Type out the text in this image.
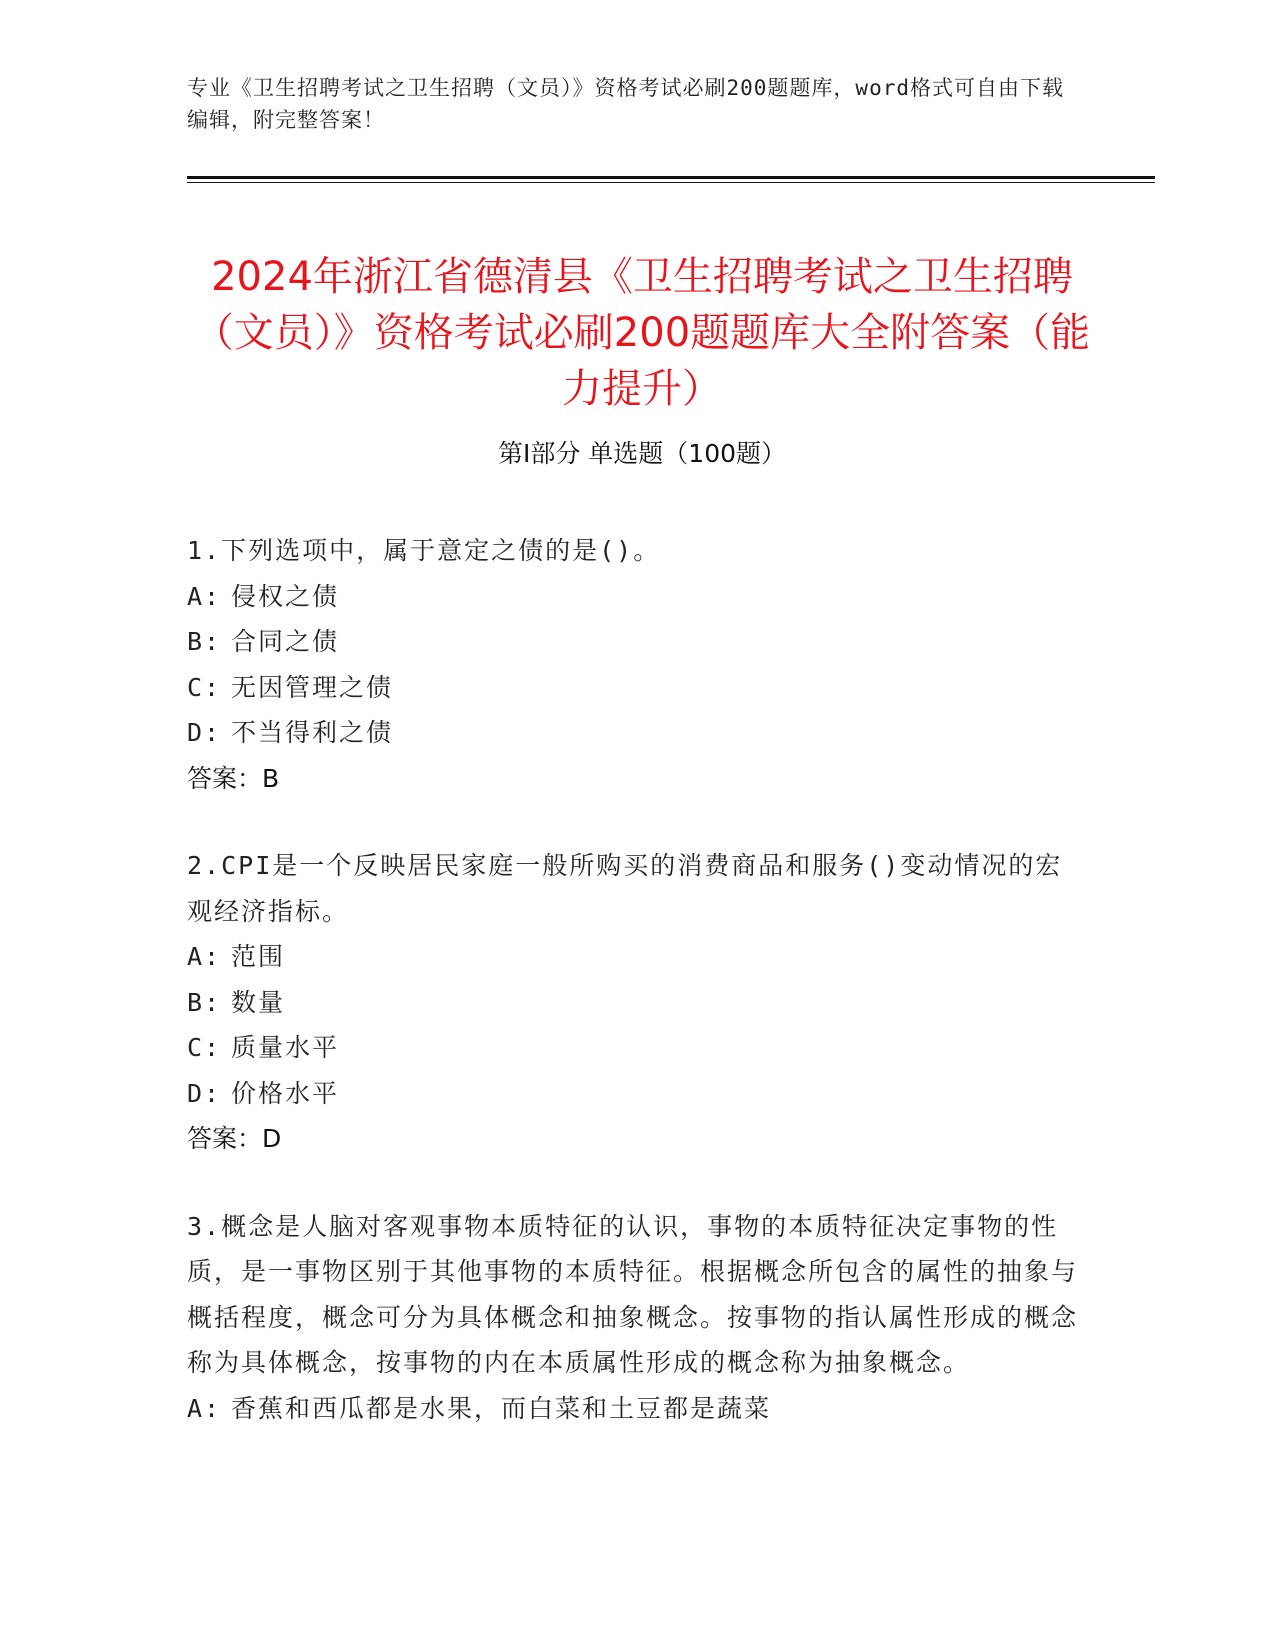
专业《卫生招聘考试之卫生招聘（文员）》资格考试必刷200题题库，word格式可自由下载编辑，附完整答案！
2024年浙江省德清县《卫生招聘考试之卫生招聘（文员）》资格考试必刷200题题库大全附答案（能力提升）
第Ⅰ部分 单选题（100题）
1.下列选项中，属于意定之债的是()。
A: 侵权之债
B: 合同之债
C: 无因管理之债
D: 不当得利之债
答案：B
2.CPI是一个反映居民家庭一般所购买的消费商品和服务()变动情况的宏观经济指标。
A: 范围
B: 数量
C: 质量水平
D: 价格水平
答案：D
3.概念是人脑对客观事物本质特征的认识，事物的本质特征决定事物的性质，是一事物区别于其他事物的本质特征。根据概念所包含的属性的抽象与概括程度，概念可分为具体概念和抽象概念。按事物的指认属性形成的概念称为具体概念，按事物的内在本质属性形成的概念称为抽象概念。
A: 香蕉和西瓜都是水果，而白菜和土豆都是蔬菜
